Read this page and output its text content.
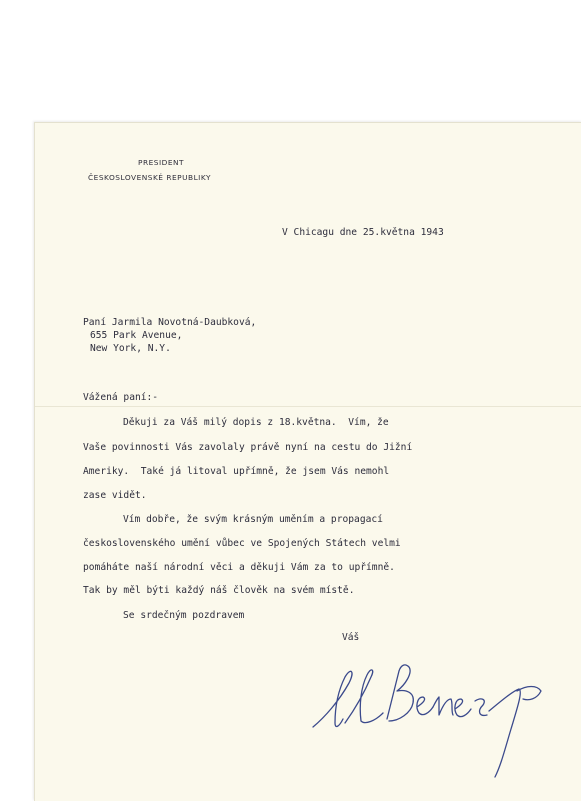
PRESIDENT
ČESKOSLOVENSKÉ REPUBLIKY
V Chicagu dne 25.května 1943
Paní Jarmila Novotná-Daubková,
655 Park Avenue,
New York, N.Y.
Vážená paní:-
Děkuji za Váš milý dopis z 18.května.  Vím, že
Vaše povinnosti Vás zavolaly právě nyní na cestu do Jižní
Ameriky.  Také já litoval upřímně, že jsem Vás nemohl
zase vidět.
Vím dobře, že svým krásným uměním a propagací
československého umění vůbec ve Spojených Státech velmi
pomáháte naší národní věci a děkuji Vám za to upřímně.
Tak by měl býti každý náš člověk na svém místě.
Se srdečným pozdravem
Váš
